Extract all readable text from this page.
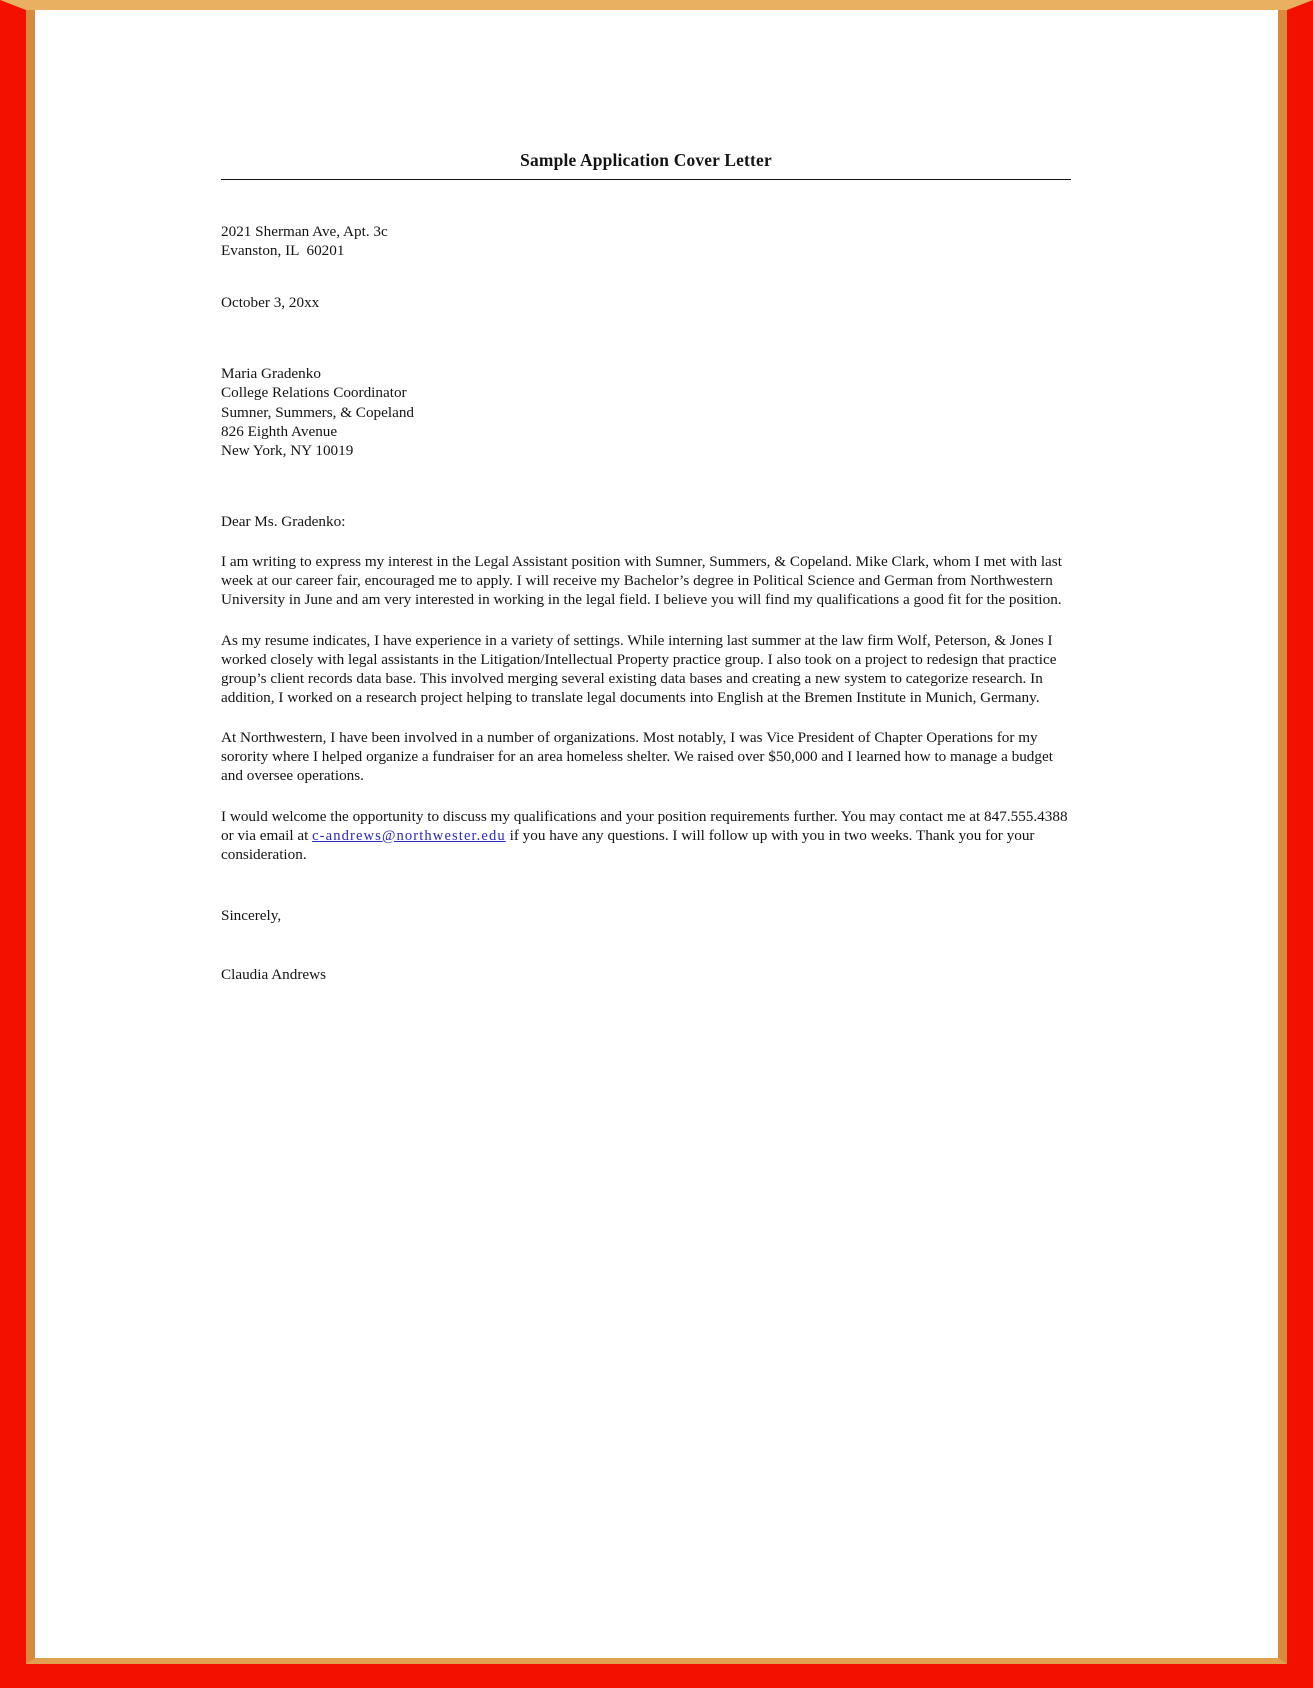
Sample Application Cover Letter
2021 Sherman Ave, Apt. 3c
Evanston, IL  60201
October 3, 20xx
Maria Gradenko
College Relations Coordinator
Sumner, Summers, & Copeland
826 Eighth Avenue
New York, NY 10019
Dear Ms. Gradenko:

I am writing to express my interest in the Legal Assistant position with Sumner, Summers, & Copeland. Mike Clark, whom I met with last week at our career fair, encouraged me to apply. I will receive my Bachelor’s degree in Political Science and German from Northwestern University in June and am very interested in working in the legal field. I believe you will find my qualifications a good fit for the position.

As my resume indicates, I have experience in a variety of settings. While interning last summer at the law firm Wolf, Peterson, & Jones I worked closely with legal assistants in the Litigation/Intellectual Property practice group. I also took on a project to redesign that practice group’s client records data base. This involved merging several existing data bases and creating a new system to categorize research. In addition, I worked on a research project helping to translate legal documents into English at the Bremen Institute in Munich, Germany.

At Northwestern, I have been involved in a number of organizations. Most notably, I was Vice President of Chapter Operations for my sorority where I helped organize a fundraiser for an area homeless shelter. We raised over $50,000 and I learned how to manage a budget and oversee operations.

I would welcome the opportunity to discuss my qualifications and your position requirements further. You may contact me at 847.555.4388 or via email at c-andrews@northwester.edu if you have any questions. I will follow up with you in two weeks. Thank you for your consideration.

Sincerely,
Claudia Andrews
